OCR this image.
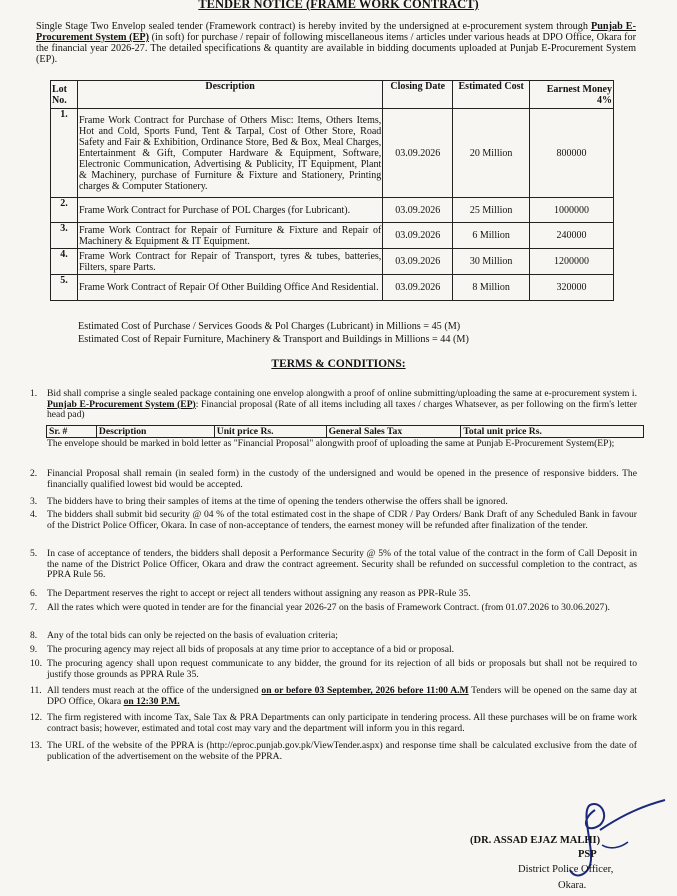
TENDER NOTICE (FRAME WORK CONTRACT)
Single Stage Two Envelop sealed tender (Framework contract) is hereby invited by the undersigned at e-procurement system through Punjab E-Procurement System (EP) (in soft) for purchase / repair of following miscellaneous items / articles under various heads at DPO Office, Okara for the financial year 2026-27. The detailed specifications & quantity are available in bidding documents uploaded at Punjab E-Procurement System (EP).
Lot No.	Description	Closing Date	Estimated Cost	Earnest Money 4%
1.	Frame Work Contract for Purchase of Others Misc: Items, Others Items, Hot and Cold, Sports Fund, Tent & Tarpal, Cost of Other Store, Road Safety and Fair & Exhibition, Ordinance Store, Bed & Box, Meal Charges, Entertainment & Gift, Computer Hardware & Equipment, Software, Electronic Communication, Advertising & Publicity, IT Equipment, Plant & Machinery, purchase of Furniture & Fixture and Stationery, Printing charges & Computer Stationery.	03.09.2026	20 Million	800000
2.	Frame Work Contract for Purchase of POL Charges (for Lubricant).	03.09.2026	25 Million	1000000
3.	Frame Work Contract for Repair of Furniture & Fixture and Repair of Machinery & Equipment & IT Equipment.	03.09.2026	6 Million	240000
4.	Frame Work Contract for Repair of Transport, tyres & tubes, batteries, Filters, spare Parts.	03.09.2026	30 Million	1200000
5.	Frame Work Contract of Repair Of Other Building Office And Residential.	03.09.2026	8 Million	320000
Estimated Cost of Purchase / Services Goods & Pol Charges (Lubricant) in Millions = 45 (M)
Estimated Cost of Repair Furniture, Machinery & Transport and Buildings in Millions = 44 (M)
TERMS & CONDITIONS:
1.	Bid shall comprise a single sealed package containing one envelop alongwith a proof of online submitting/uploading the same at e-procurement system i. Punjab E-Procurement System (EP): Financial proposal (Rate of all items including all taxes / charges Whatsever, as per following on the firm's letter head pad)
Sr. #	Description	Unit price Rs.	General Sales Tax	Total unit price Rs.
The envelope should be marked in bold letter as "Financial Proposal" alongwith proof of uploading the same at Punjab E-Procurement System(EP);
2.	Financial Proposal shall remain (in sealed form) in the custody of the undersigned and would be opened in the presence of responsive bidders. The financially qualified lowest bid would be accepted.
3.	The bidders have to bring their samples of items at the time of opening the tenders otherwise the offers shall be ignored.
4.	The bidders shall submit bid security @ 04 % of the total estimated cost in the shape of CDR / Pay Orders/ Bank Draft of any Scheduled Bank in favour of the District Police Officer, Okara. In case of non-acceptance of tenders, the earnest money will be refunded after finalization of the tender.
5.	In case of acceptance of tenders, the bidders shall deposit a Performance Security @ 5% of the total value of the contract in the form of Call Deposit in the name of the District Police Officer, Okara and draw the contract agreement. Security shall be refunded on successful completion to the contract, as PPRA Rule 56.
6.	The Department reserves the right to accept or reject all tenders without assigning any reason as PPR-Rule 35.
7.	All the rates which were quoted in tender are for the financial year 2026-27 on the basis of Framework Contract. (from 01.07.2026 to 30.06.2027).
8.	Any of the total bids can only be rejected on the basis of evaluation criteria;
9.	The procuring agency may reject all bids of proposals at any time prior to acceptance of a bid or proposal.
10. The procuring agency shall upon request communicate to any bidder, the ground for its rejection of all bids or proposals but shall not be required to justify those grounds as PPRA Rule 35.
11. All tenders must reach at the office of the undersigned on or before 03 September, 2026 before 11:00 A.M Tenders will be opened on the same day at DPO Office, Okara on 12:30 P.M.
12. The firm registered with income Tax, Sale Tax & PRA Departments can only participate in tendering process. All these purchases will be on frame work contract basis; however, estimated and total cost may vary and the department will inform you in this regard.
13. The URL of the website of the PPRA is (http://eproc.punjab.gov.pk/ViewTender.aspx) and response time shall be calculated exclusive from the date of publication of the advertisement on the website of the PPRA.
(DR. ASSAD EJAZ MALHI)
PSP
District Police Officer,
Okara.
